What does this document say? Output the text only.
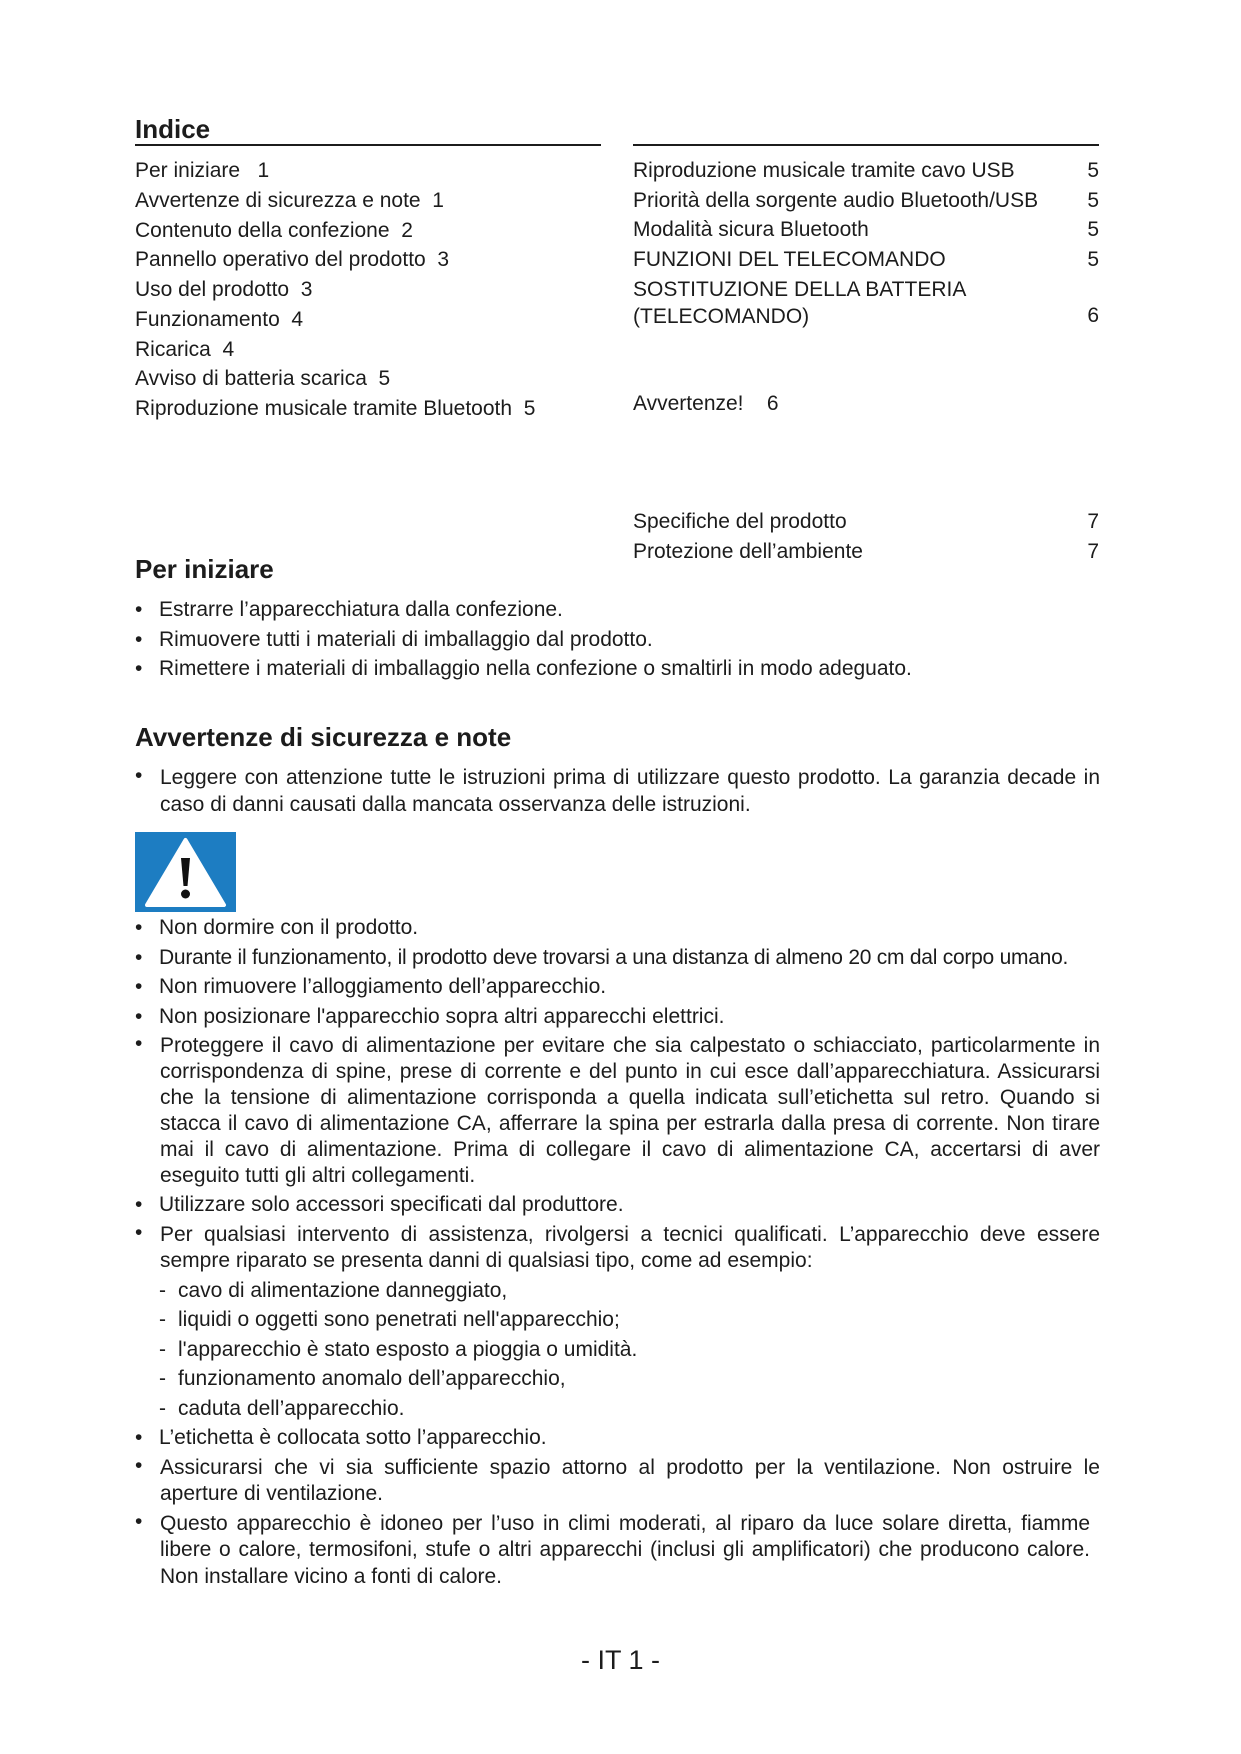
Indice
Per iniziare   1
Avvertenze di sicurezza e note  1
Contenuto della confezione  2
Pannello operativo del prodotto  3
Uso del prodotto  3
Funzionamento  4
Ricarica  4
Avviso di batteria scarica  5
Riproduzione musicale tramite Bluetooth  5
Riproduzione musicale tramite cavo USB	5
Priorità della sorgente audio Bluetooth/USB	5
Modalità sicura Bluetooth	5
FUNZIONI DEL TELECOMANDO	5
SOSTITUZIONE DELLA BATTERIA (TELECOMANDO)	6

Avvertenze!    6

Specifiche del prodotto	7
Protezione dell’ambiente	7
Per iniziare
• Estrarre l’apparecchiatura dalla confezione.
• Rimuovere tutti i materiali di imballaggio dal prodotto.
• Rimettere i materiali di imballaggio nella confezione o smaltirli in modo adeguato.
Avvertenze di sicurezza e note
• Leggere con attenzione tutte le istruzioni prima di utilizzare questo prodotto. La garanzia decade in caso di danni causati dalla mancata osservanza delle istruzioni.
• Non dormire con il prodotto.
• Durante il funzionamento, il prodotto deve trovarsi a una distanza di almeno 20 cm dal corpo umano.
• Non rimuovere l’alloggiamento dell’apparecchio.
• Non posizionare l'apparecchio sopra altri apparecchi elettrici.
• Proteggere il cavo di alimentazione per evitare che sia calpestato o schiacciato, particolarmente in corrispondenza di spine, prese di corrente e del punto in cui esce dall’apparecchiatura. Assicurarsi che la tensione di alimentazione corrisponda a quella indicata sull’etichetta sul retro. Quando si stacca il cavo di alimentazione CA, afferrare la spina per estrarla dalla presa di corrente. Non tirare mai il cavo di alimentazione. Prima di collegare il cavo di alimentazione CA, accertarsi di aver eseguito tutti gli altri collegamenti.
• Utilizzare solo accessori specificati dal produttore.
• Per qualsiasi intervento di assistenza, rivolgersi a tecnici qualificati. L’apparecchio deve essere sempre riparato se presenta danni di qualsiasi tipo, come ad esempio:
- cavo di alimentazione danneggiato,
- liquidi o oggetti sono penetrati nell'apparecchio;
- l'apparecchio è stato esposto a pioggia o umidità.
- funzionamento anomalo dell’apparecchio,
- caduta dell’apparecchio.
• L’etichetta è collocata sotto l’apparecchio.
• Assicurarsi che vi sia sufficiente spazio attorno al prodotto per la ventilazione. Non ostruire le aperture di ventilazione.
• Questo apparecchio è idoneo per l’uso in climi moderati, al riparo da luce solare diretta, fiamme libere o calore, termosifoni, stufe o altri apparecchi (inclusi gli amplificatori) che producono calore. Non installare vicino a fonti di calore.
- IT 1 -
